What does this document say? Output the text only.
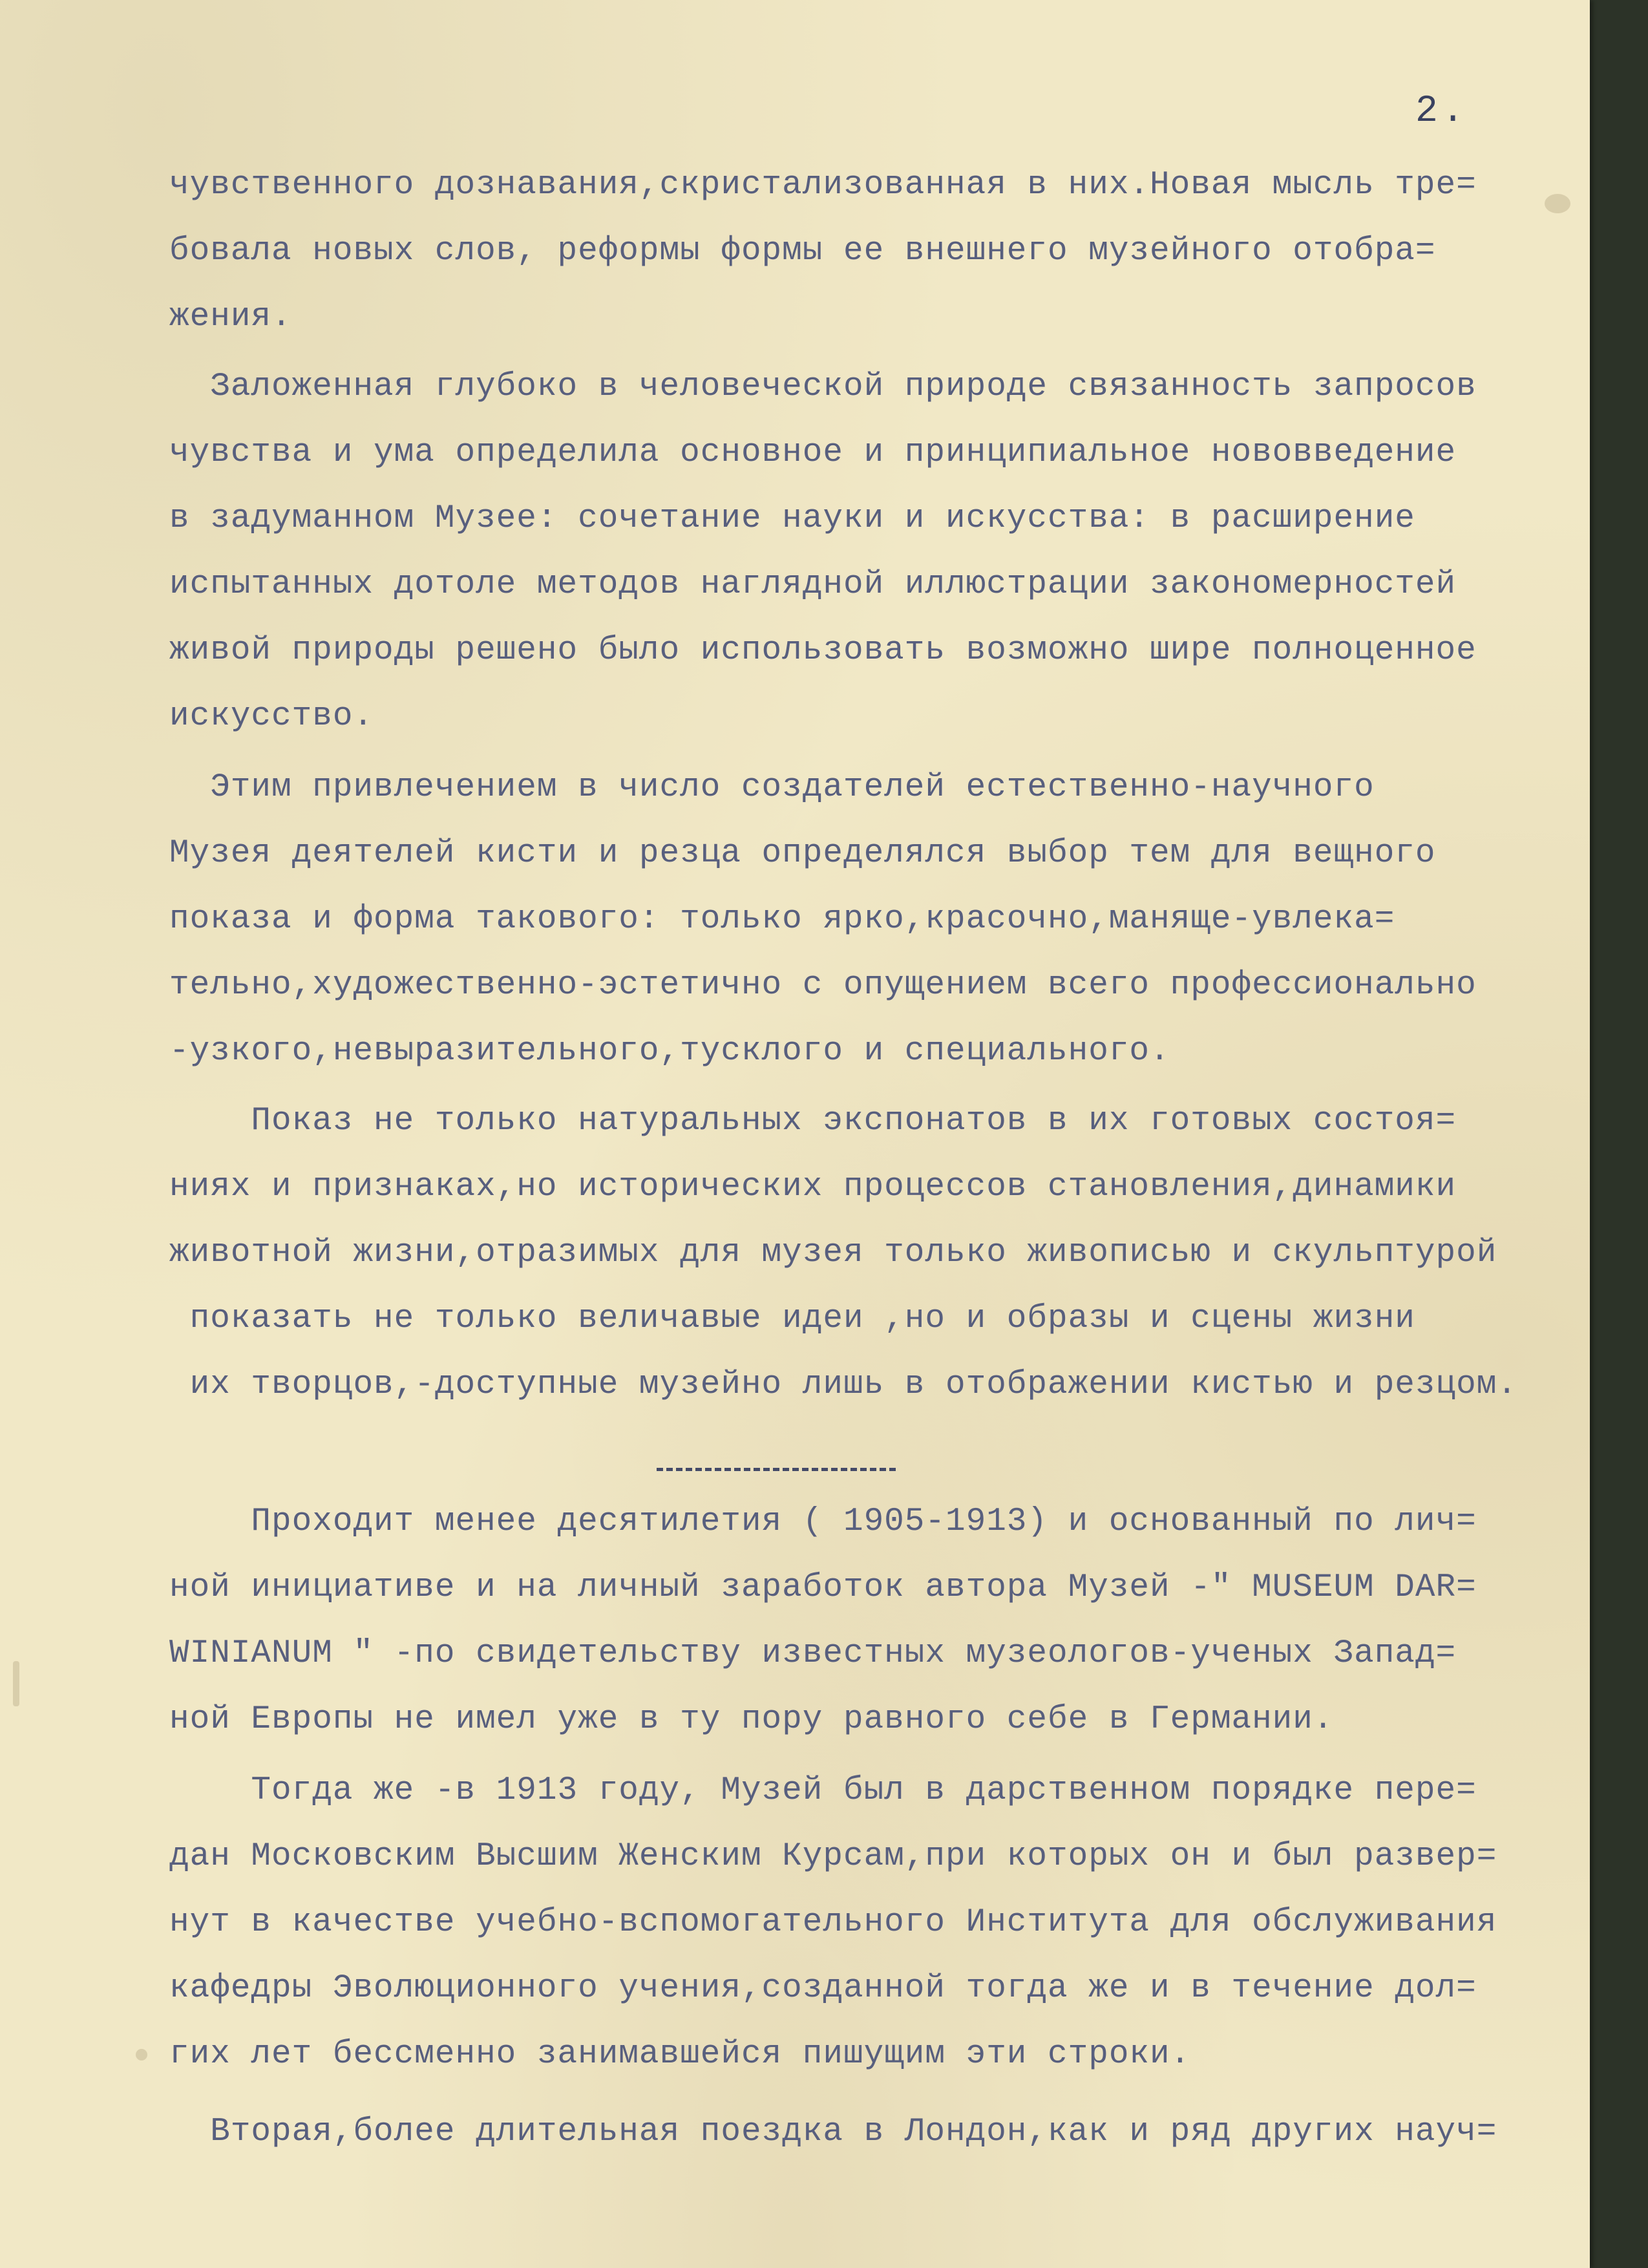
2.
чувственного дознавания,скристализованная в них.Новая мысль тре=
бовала новых слов, реформы формы ее внешнего музейного отобра=
жения.
Заложенная глубоко в человеческой природе связанность запросов
чувства и ума определила основное и принципиальное нововведение
в задуманном Музее: сочетание науки и искусства: в расширение
испытанных дотоле методов наглядной иллюстрации закономерностей
живой природы решено было использовать возможно шире полноценное
искусство.
Этим привлечением в число создателей естественно-научного
Музея деятелей кисти и резца определялся выбор тем для вещного
показа и форма такового: только ярко,красочно,маняще-увлека=
тельно,художественно-эстетично с опущением всего профессионально
-узкого,невыразительного,тусклого и специального.
Показ не только натуральных экспонатов в их готовых состоя=
ниях и признаках,но исторических процессов становления,динамики
животной жизни,отразимых для музея только живописью и скульптурой
показать не только величавые идеи ,но и образы и сцены жизни
их творцов,-доступные музейно лишь в отображении кистью и резцом.
Проходит менее десятилетия ( 1905-1913) и основанный по лич=
ной инициативе и на личный заработок автора Музей -" MUSEUM DAR=
WINIANUM " -по свидетельству известных музеологов-ученых Запад=
ной Европы не имел уже в ту пору равного себе в Германии.
Тогда же -в 1913 году, Музей был в дарственном порядке пере=
дан Московским Высшим Женским Курсам,при которых он и был развер=
нут в качестве учебно-вспомогательного Института для обслуживания
кафедры Эволюционного учения,созданной тогда же и в течение дол=
гих лет бессменно занимавшейся пишущим эти строки.
Вторая,более длительная поездка в Лондон,как и ряд других науч=
